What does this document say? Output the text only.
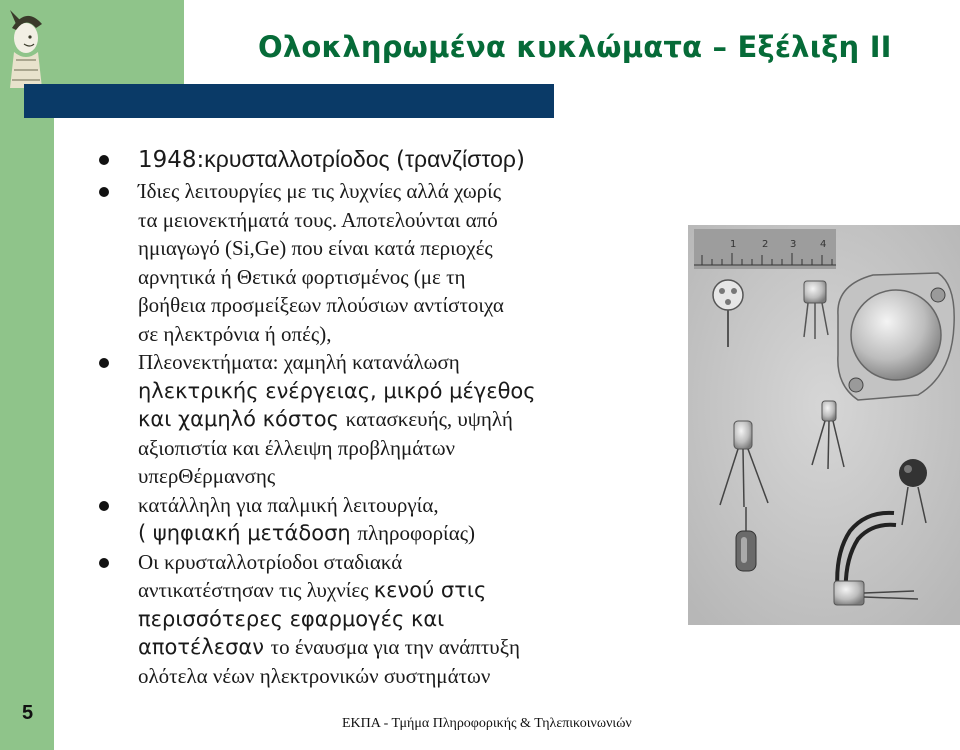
Ολοκληρωμένα κυκλώματα – Εξέλιξη ΙΙ
1948:κρυσταλλοτρίοδος (τρανζίστορ)
Ίδιες λειτουργίες με τις λυχνίες αλλά χωρίς
τα μειονεκτήματά τους. Αποτελούνται από
ημιαγωγό (Si,Ge) που είναι κατά περιοχές
αρνητικά ή Θετικά φορτισμένος (με τη
βοήθεια προσμείξεων πλούσιων αντίστοιχα
σε ηλεκτρόνια ή οπές),
Πλεονεκτήματα: χαμηλή κατανάλωση
ηλεκτρικής ενέργειας, μικρό μέγεθος
και χαμηλό κόστος κατασκευής, υψηλή
αξιοπιστία και έλλειψη προβλημάτων
υπερΘέρμανσης
κατάλληλη για παλμική λειτουργία,
( ψηφιακή μετάδοση πληροφορίας)
Οι κρυσταλλοτρίοδοι σταδιακά
αντικατέστησαν τις λυχνίες κενού στις
περισσότερες εφαρμογές και
αποτέλεσαν το έναυσμα για την ανάπτυξη
ολότελα νέων ηλεκτρονικών συστημάτων
1	2 3 4
5	ΕΚΠΑ - Τμήμα Πληροφορικής & Τηλεπικοινωνιών
